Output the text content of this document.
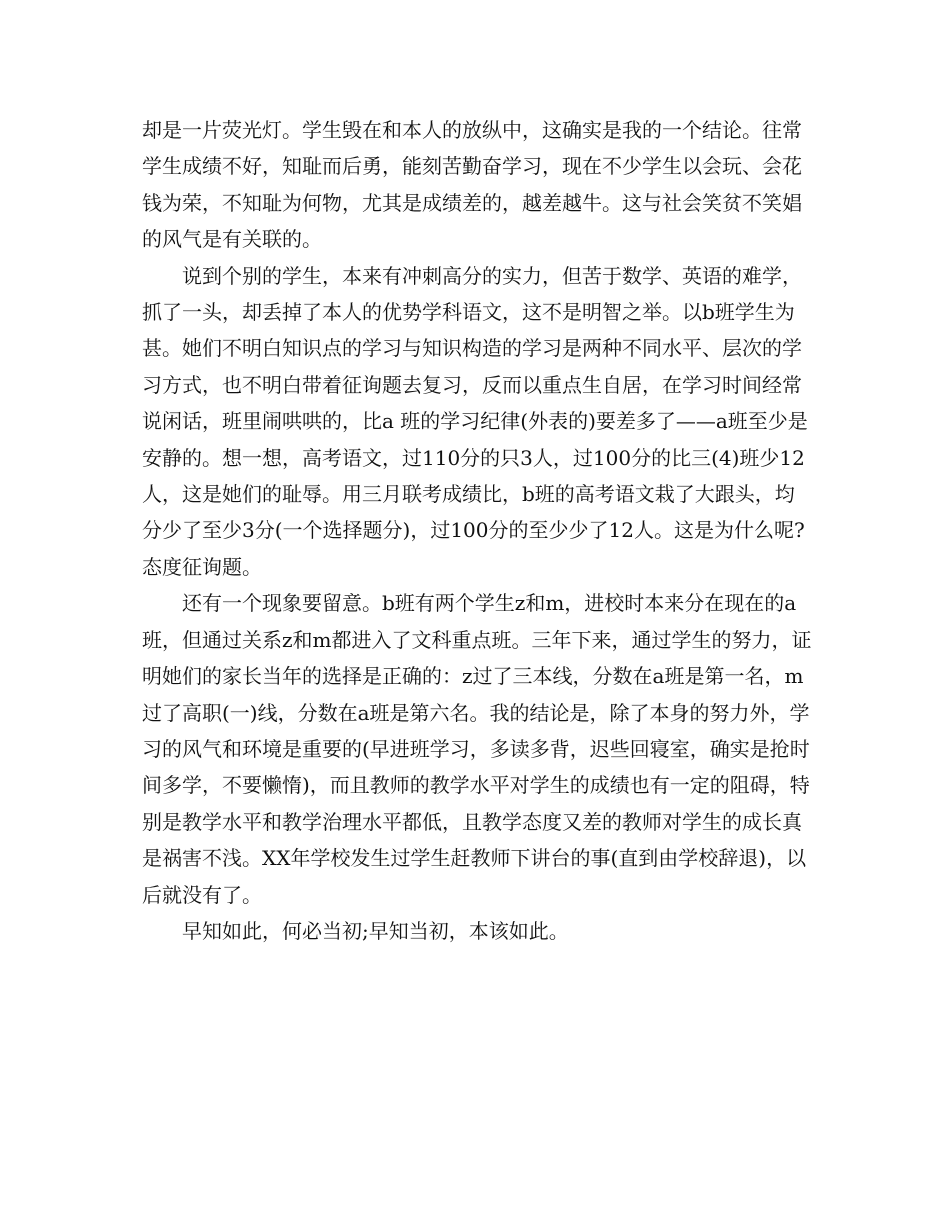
却是一片荧光灯。学生毁在和本人的放纵中，这确实是我的一个结论。往常学生成绩不好，知耻而后勇，能刻苦勤奋学习，现在不少学生以会玩、会花钱为荣，不知耻为何物，尤其是成绩差的，越差越牛。这与社会笑贫不笑娼的风气是有关联的。

说到个别的学生，本来有冲刺高分的实力，但苦于数学、英语的难学，抓了一头，却丢掉了本人的优势学科语文，这不是明智之举。以b班学生为甚。她们不明白知识点的学习与知识构造的学习是两种不同水平、层次的学习方式，也不明白带着征询题去复习，反而以重点生自居，在学习时间经常说闲话，班里闹哄哄的，比a 班的学习纪律(外表的)要差多了——a班至少是安静的。想一想，高考语文，过110分的只3人，过100分的比三(4)班少12人，这是她们的耻辱。用三月联考成绩比，b班的高考语文栽了大跟头，均分少了至少3分(一个选择题分)，过100分的至少少了12人。这是为什么呢?态度征询题。

还有一个现象要留意。b班有两个学生z和m，进校时本来分在现在的a班，但通过关系z和m都进入了文科重点班。三年下来，通过学生的努力，证明她们的家长当年的选择是正确的：z过了三本线，分数在a班是第一名，m过了高职(一)线，分数在a班是第六名。我的结论是，除了本身的努力外，学习的风气和环境是重要的(早进班学习，多读多背，迟些回寝室，确实是抢时间多学，不要懒惰)，而且教师的教学水平对学生的成绩也有一定的阻碍，特别是教学水平和教学治理水平都低，且教学态度又差的教师对学生的成长真是祸害不浅。XX年学校发生过学生赶教师下讲台的事(直到由学校辞退)，以后就没有了。

早知如此，何必当初;早知当初，本该如此。
